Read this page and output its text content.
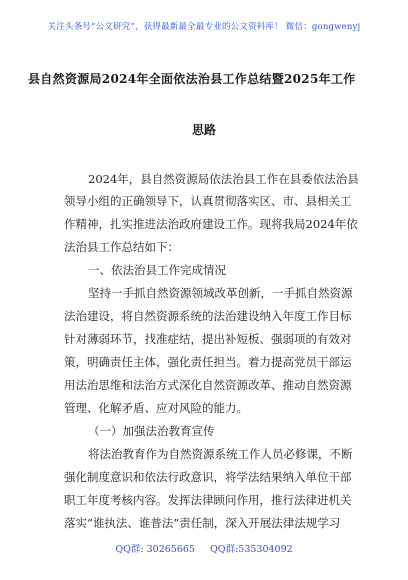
关注头条号“公文研究”，获得最新最全最专业的公文资料库！ 微信：gongwenyj
县自然资源局2024年全面依法治县工作总结暨2025年工作
思路
2024年，县自然资源局依法治县工作在县委依法治县
领导小组的正确领导下，认真贯彻落实区、市、县相关工
作精神，扎实推进法治政府建设工作。现将我局2024年依
法治县工作总结如下：
一、依法治县工作完成情况
坚持一手抓自然资源领域改革创新，一手抓自然资源
法治建设，将自然资源系统的法治建设纳入年度工作目标
针对薄弱环节，找准症结，提出补短板、强弱项的有效对
策，明确责任主体，强化责任担当。着力提高党员干部运
用法治思维和法治方式深化自然资源改革、推动自然资源
管理、化解矛盾、应对风险的能力。
（一）加强法治教育宣传
将法治教育作为自然资源系统工作人员必修课，不断
强化制度意识和依法行政意识，将学法结果纳入单位干部
职工年度考核内容。发挥法律顾问作用，推行法律进机关
落实“谁执法、谁普法”责任制，深入开展法律法规学习
QQ群: 30265665 QQ群:535304092
